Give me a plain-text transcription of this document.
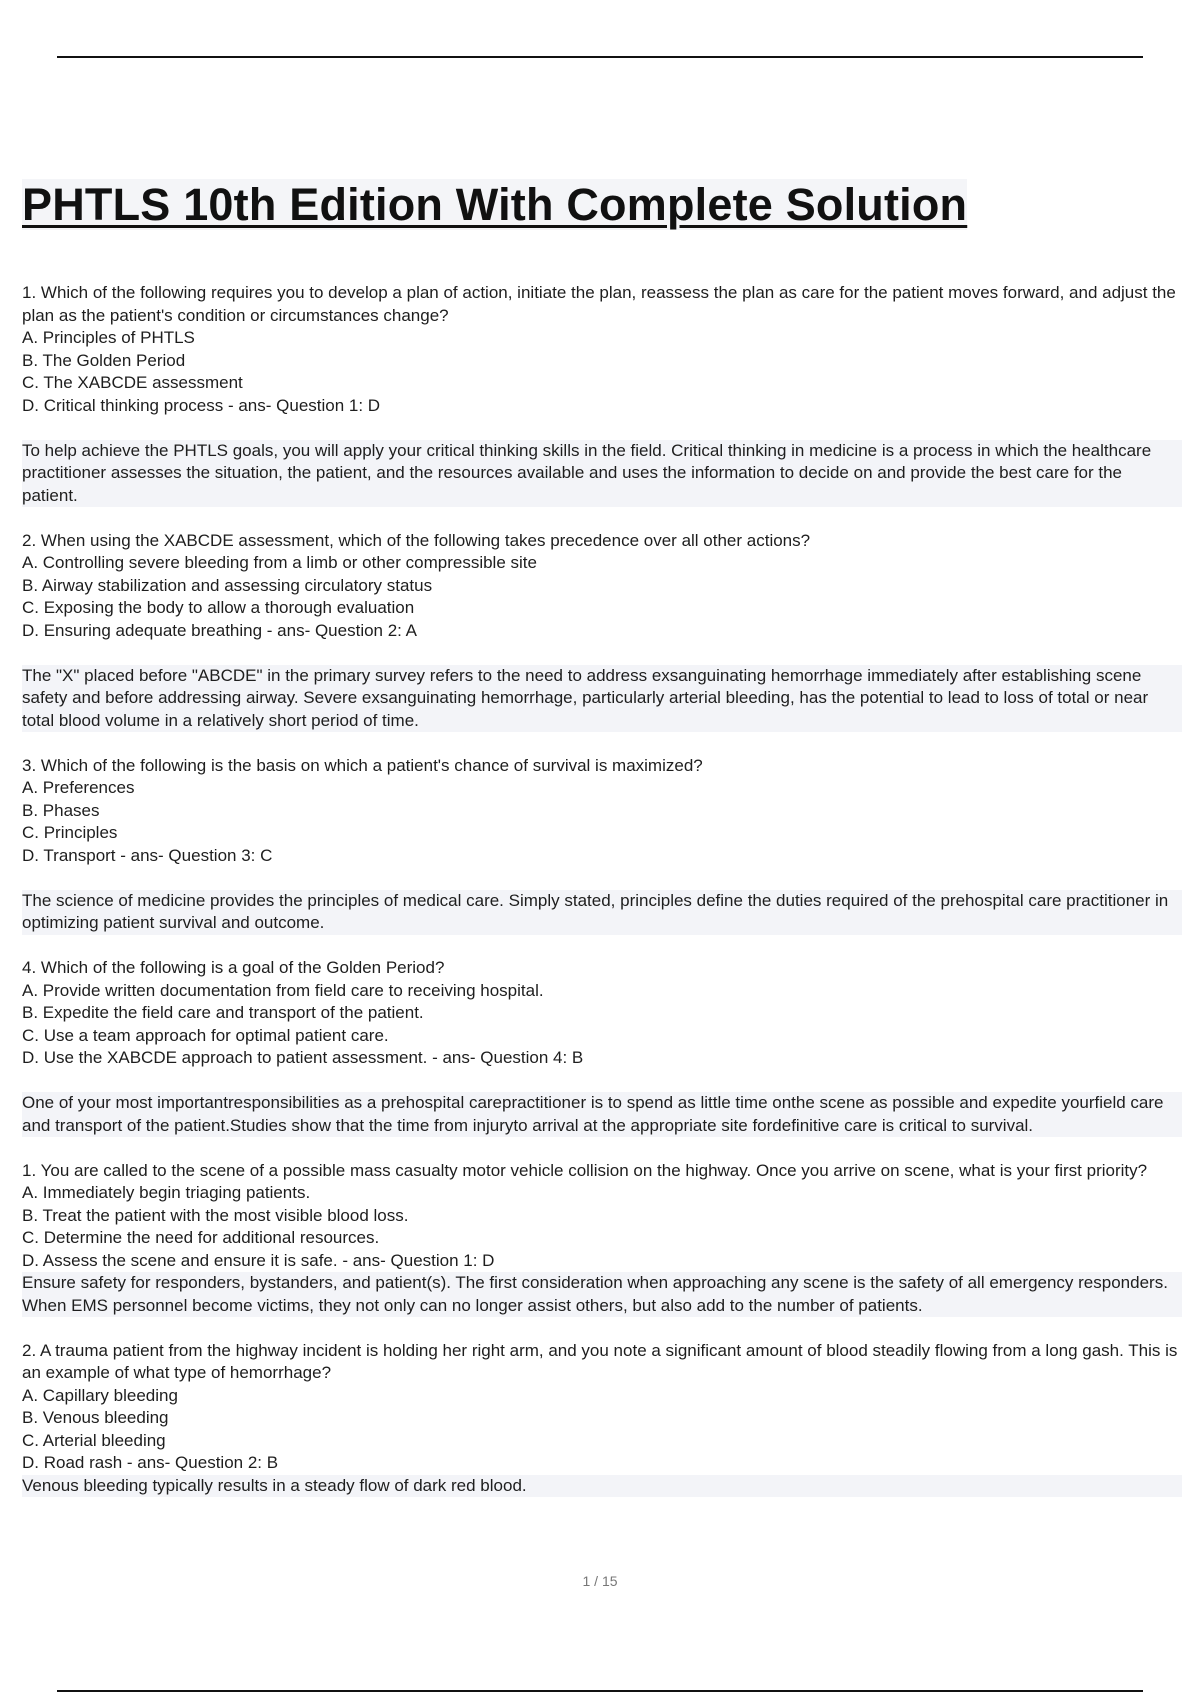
PHTLS 10th Edition With Complete Solution
1. Which of the following requires you to develop a plan of action, initiate the plan, reassess the plan as care for the patient moves forward, and adjust the plan as the patient's condition or circumstances change?
A. Principles of PHTLS
B. The Golden Period
C. The XABCDE assessment
D. Critical thinking process - ans- Question 1: D
To help achieve the PHTLS goals, you will apply your critical thinking skills in the field. Critical thinking in medicine is a process in which the healthcare practitioner assesses the situation, the patient, and the resources available and uses the information to decide on and provide the best care for the patient.
2. When using the XABCDE assessment, which of the following takes precedence over all other actions?
A. Controlling severe bleeding from a limb or other compressible site
B. Airway stabilization and assessing circulatory status
C. Exposing the body to allow a thorough evaluation
D. Ensuring adequate breathing - ans- Question 2: A
The "X" placed before "ABCDE" in the primary survey refers to the need to address exsanguinating hemorrhage immediately after establishing scene safety and before addressing airway. Severe exsanguinating hemorrhage, particularly arterial bleeding, has the potential to lead to loss of total or near total blood volume in a relatively short period of time.
3. Which of the following is the basis on which a patient's chance of survival is maximized?
A. Preferences
B. Phases
C. Principles
D. Transport - ans- Question 3: C
The science of medicine provides the principles of medical care. Simply stated, principles define the duties required of the prehospital care practitioner in optimizing patient survival and outcome.
4. Which of the following is a goal of the Golden Period?
A. Provide written documentation from field care to receiving hospital.
B. Expedite the field care and transport of the patient.
C. Use a team approach for optimal patient care.
D. Use the XABCDE approach to patient assessment. - ans- Question 4: B
One of your most importantresponsibilities as a prehospital carepractitioner is to spend as little time onthe scene as possible and expedite yourfield care and transport of the patient.Studies show that the time from injuryto arrival at the appropriate site fordefinitive care is critical to survival.
1. You are called to the scene of a possible mass casualty motor vehicle collision on the highway. Once you arrive on scene, what is your first priority?
A. Immediately begin triaging patients.
B. Treat the patient with the most visible blood loss.
C. Determine the need for additional resources.
D. Assess the scene and ensure it is safe. - ans- Question 1: D
Ensure safety for responders, bystanders, and patient(s). The first consideration when approaching any scene is the safety of all emergency responders. When EMS personnel become victims, they not only can no longer assist others, but also add to the number of patients.
2. A trauma patient from the highway incident is holding her right arm, and you note a significant amount of blood steadily flowing from a long gash. This is an example of what type of hemorrhage?
A. Capillary bleeding
B. Venous bleeding
C. Arterial bleeding
D. Road rash - ans- Question 2: B
Venous bleeding typically results in a steady flow of dark red blood.
1 / 15
